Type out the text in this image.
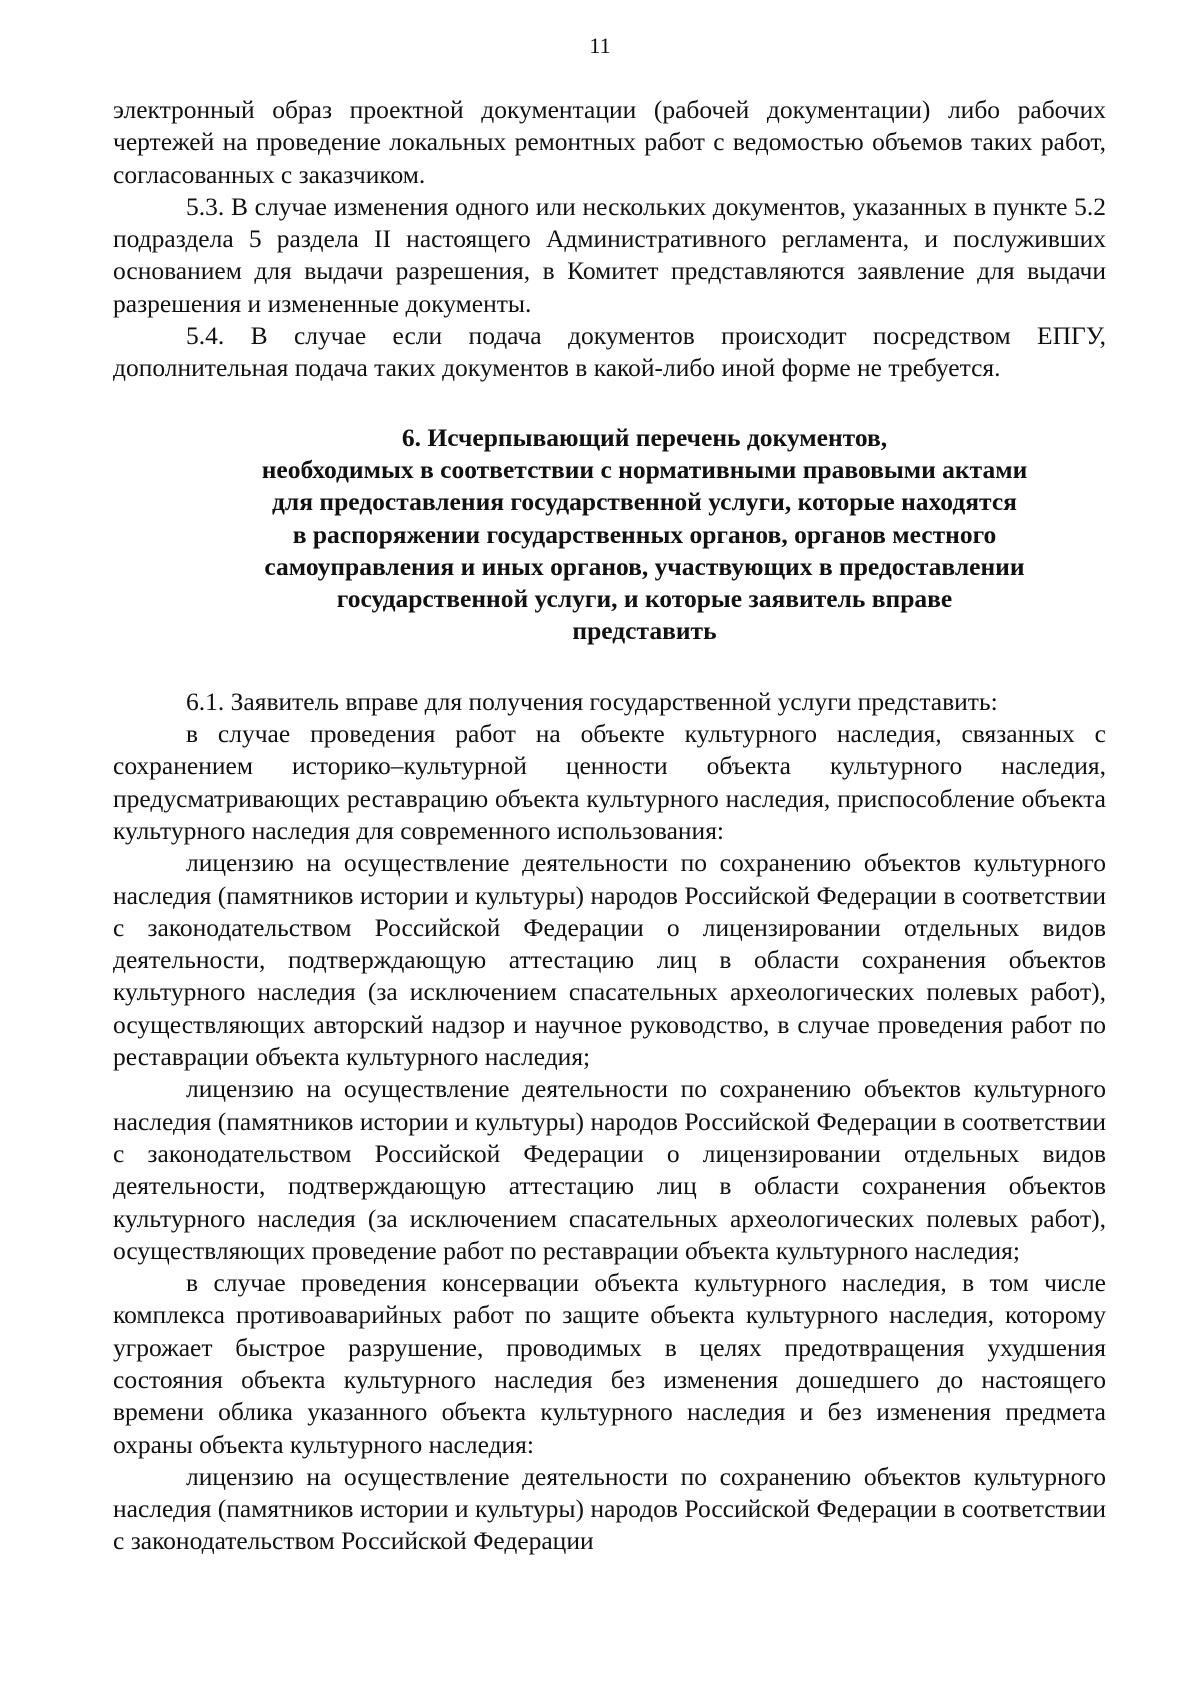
11

электронный образ проектной документации (рабочей документации) либо рабочих чертежей на проведение локальных ремонтных работ с ведомостью объемов таких работ, согласованных с заказчиком.

5.3. В случае изменения одного или нескольких документов, указанных в пункте 5.2 подраздела 5 раздела II настоящего Административного регламента, и послуживших основанием для выдачи разрешения, в Комитет представляются заявление для выдачи разрешения и измененные документы.

5.4. В случае если подача документов происходит посредством ЕПГУ, дополнительная подача таких документов в какой-либо иной форме не требуется.

6. Исчерпывающий перечень документов,
необходимых в соответствии с нормативными правовыми актами
для предоставления государственной услуги, которые находятся
в распоряжении государственных органов, органов местного
самоуправления и иных органов, участвующих в предоставлении
государственной услуги, и которые заявитель вправе
представить

6.1. Заявитель вправе для получения государственной услуги представить:

в случае проведения работ на объекте культурного наследия, связанных с сохранением историко–культурной ценности объекта культурного наследия, предусматривающих реставрацию объекта культурного наследия, приспособление объекта культурного наследия для современного использования:

лицензию на осуществление деятельности по сохранению объектов культурного наследия (памятников истории и культуры) народов Российской Федерации в соответствии с законодательством Российской Федерации о лицензировании отдельных видов деятельности, подтверждающую аттестацию лиц в области сохранения объектов культурного наследия (за исключением спасательных археологических полевых работ), осуществляющих авторский надзор и научное руководство, в случае проведения работ по реставрации объекта культурного наследия;

лицензию на осуществление деятельности по сохранению объектов культурного наследия (памятников истории и культуры) народов Российской Федерации в соответствии с законодательством Российской Федерации о лицензировании отдельных видов деятельности, подтверждающую аттестацию лиц в области сохранения объектов культурного наследия (за исключением спасательных археологических полевых работ), осуществляющих проведение работ по реставрации объекта культурного наследия;

в случае проведения консервации объекта культурного наследия, в том числе комплекса противоаварийных работ по защите объекта культурного наследия, которому угрожает быстрое разрушение, проводимых в целях предотвращения ухудшения состояния объекта культурного наследия без изменения дошедшего до настоящего времени облика указанного объекта культурного наследия и без изменения предмета охраны объекта культурного наследия:

лицензию на осуществление деятельности по сохранению объектов культурного наследия (памятников истории и культуры) народов Российской Федерации в соответствии с законодательством Российской Федерации
